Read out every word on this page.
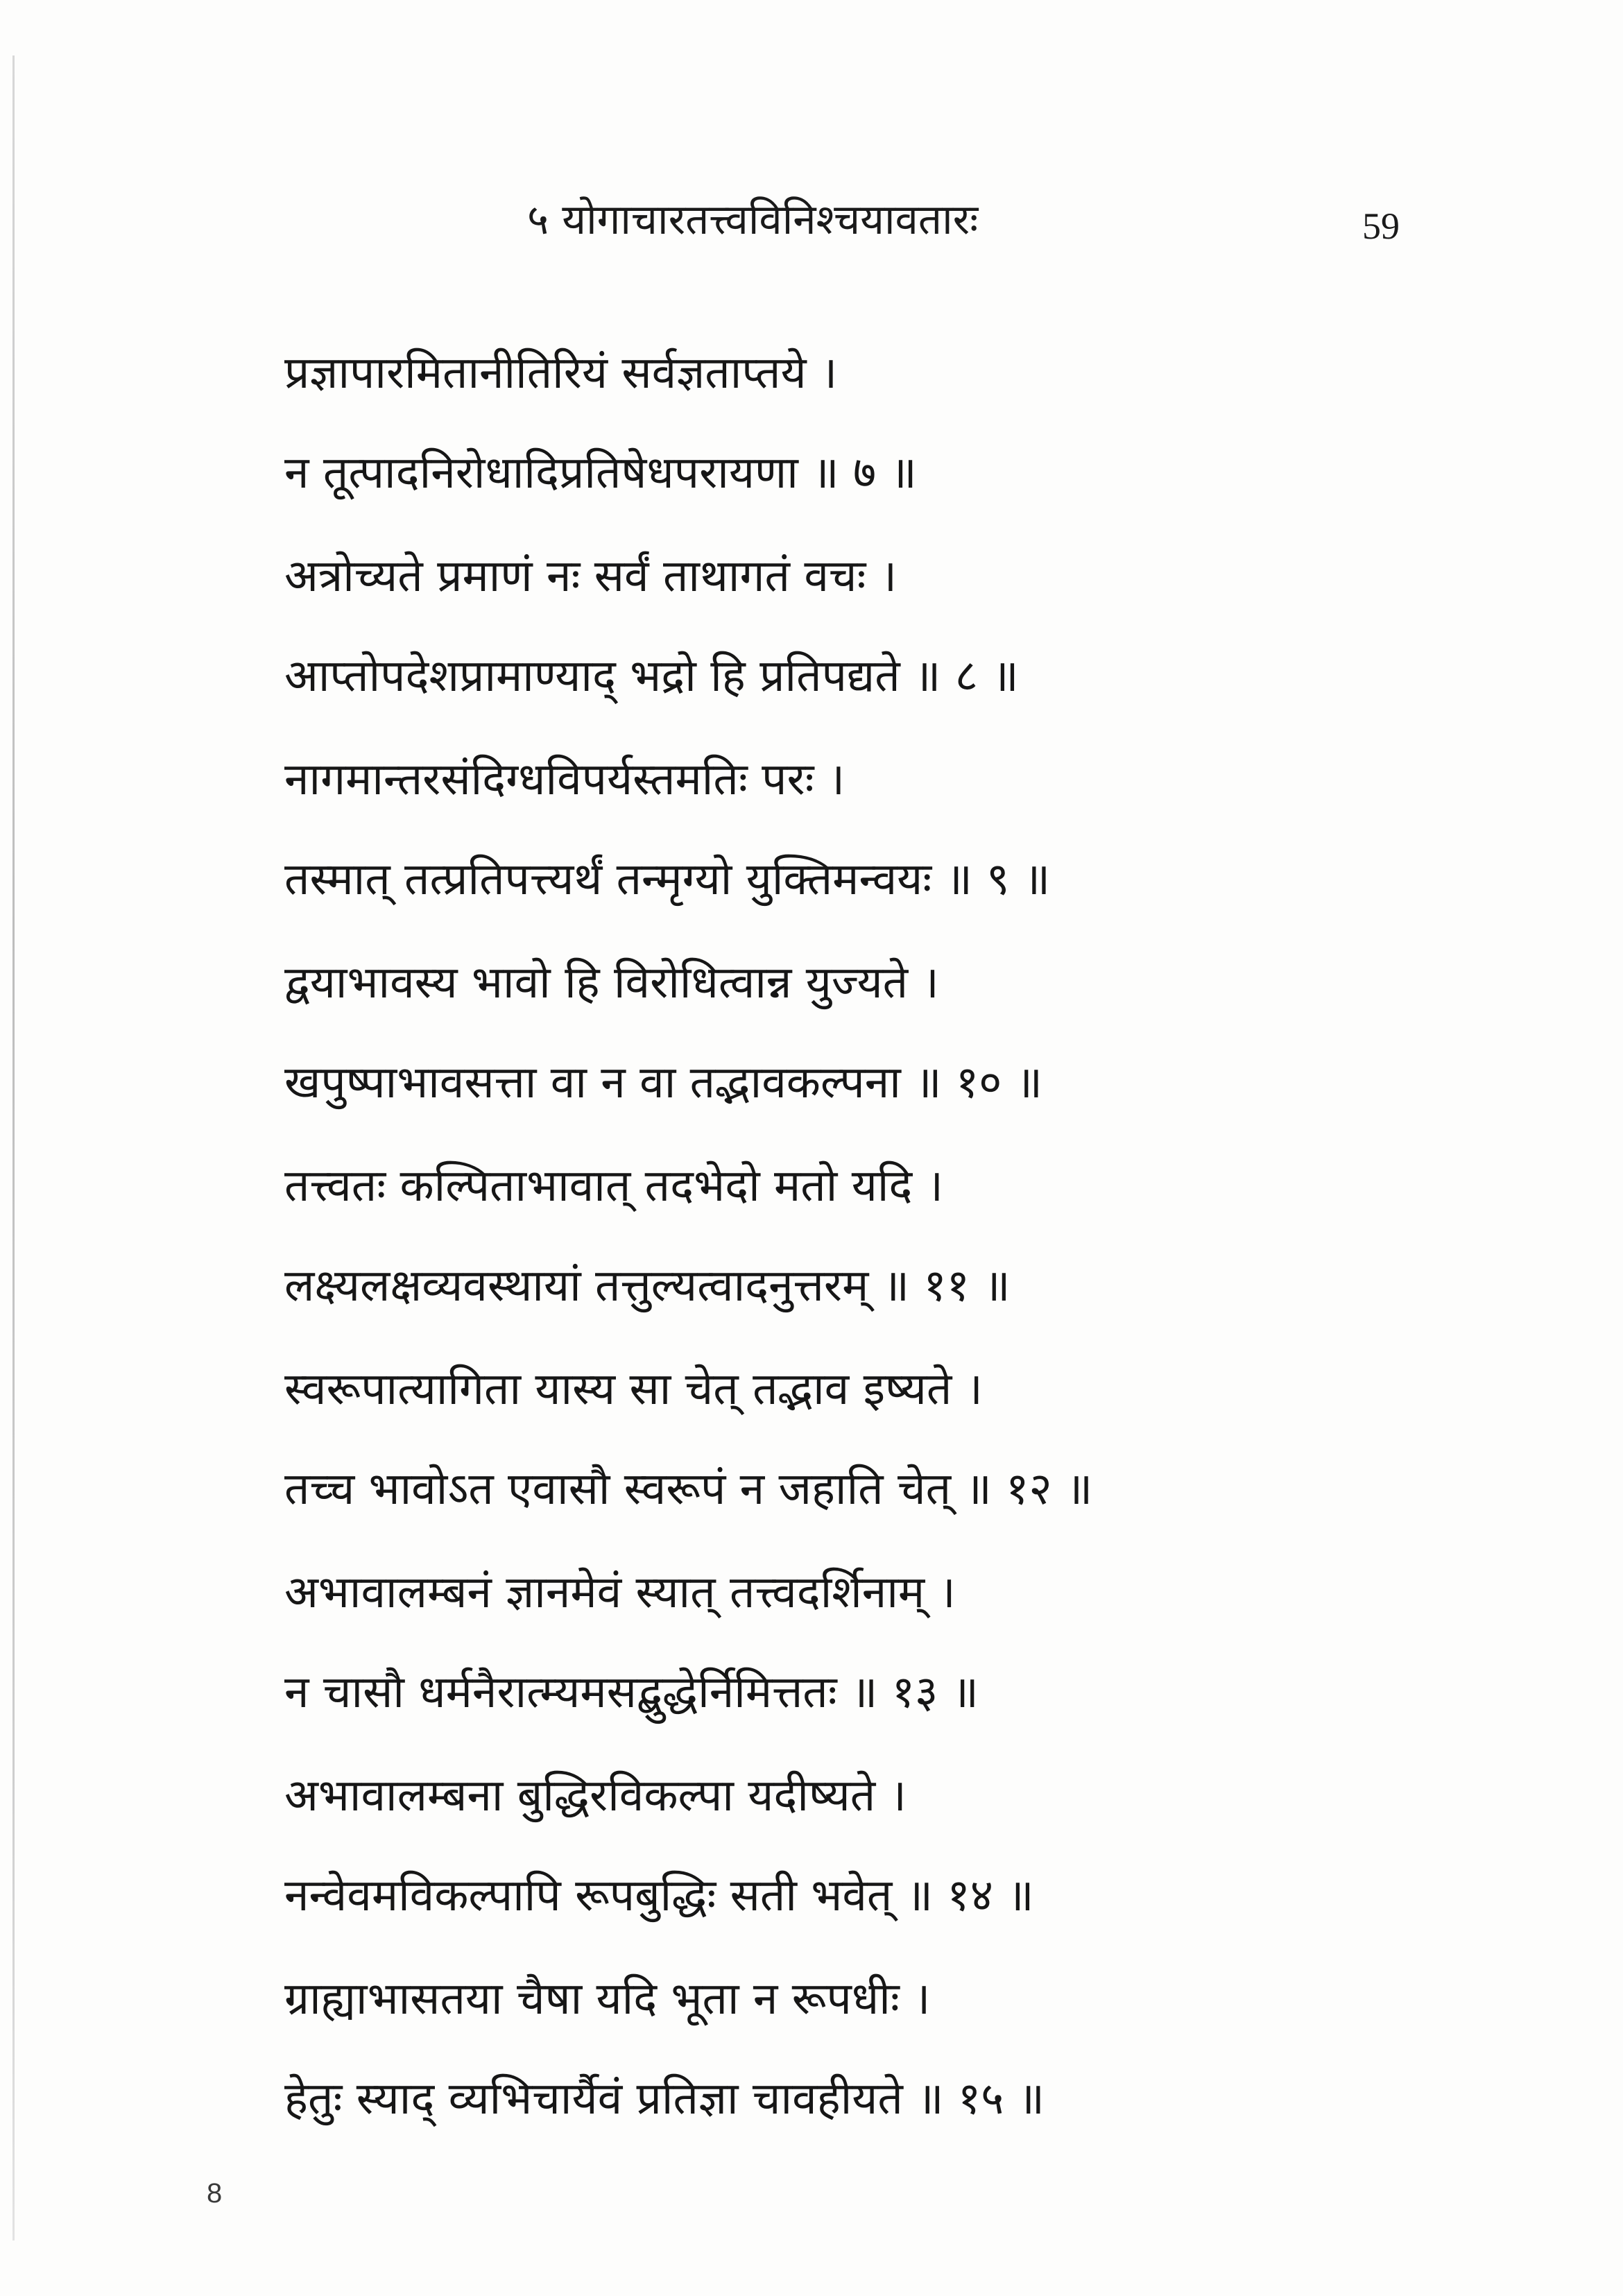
५ योगाचारतत्त्वविनिश्चयावतारः	59
प्रज्ञापारमितानीतिरियं सर्वज्ञताप्तये ।
न तूत्पादनिरोधादिप्रतिषेधपरायणा ॥ ७ ॥
अत्रोच्यते प्रमाणं नः सर्वं ताथागतं वचः ।
आप्तोपदेशप्रामाण्याद् भद्रो हि प्रतिपद्यते ॥ ८ ॥
नागमान्तरसंदिग्धविपर्यस्तमतिः परः ।
तस्मात् तत्प्रतिपत्त्यर्थं तन्मृग्यो युक्तिमन्वयः ॥ ९ ॥
द्वयाभावस्य भावो हि विरोधित्वान्न युज्यते ।
खपुष्पाभावसत्ता वा न वा तद्भावकल्पना ॥ १० ॥
तत्त्वतः कल्पिताभावात् तदभेदो मतो यदि ।
लक्ष्यलक्षव्यवस्थायां तत्तुल्यत्वादनुत्तरम् ॥ ११ ॥
स्वरूपात्यागिता यास्य सा चेत् तद्भाव इष्यते ।
तच्च भावोऽत एवासौ स्वरूपं न जहाति चेत् ॥ १२ ॥
अभावालम्बनं ज्ञानमेवं स्यात् तत्त्वदर्शिनाम् ।
न चासौ धर्मनैरात्म्यमसद्बुद्धेर्निमित्ततः ॥ १३ ॥
अभावालम्बना बुद्धिरविकल्पा यदीष्यते ।
नन्वेवमविकल्पापि रूपबुद्धिः सती भवेत् ॥ १४ ॥
ग्राह्याभासतया चैषा यदि भूता न रूपधीः ।
हेतुः स्याद् व्यभिचार्यैवं प्रतिज्ञा चावहीयते ॥ १५ ॥
8
